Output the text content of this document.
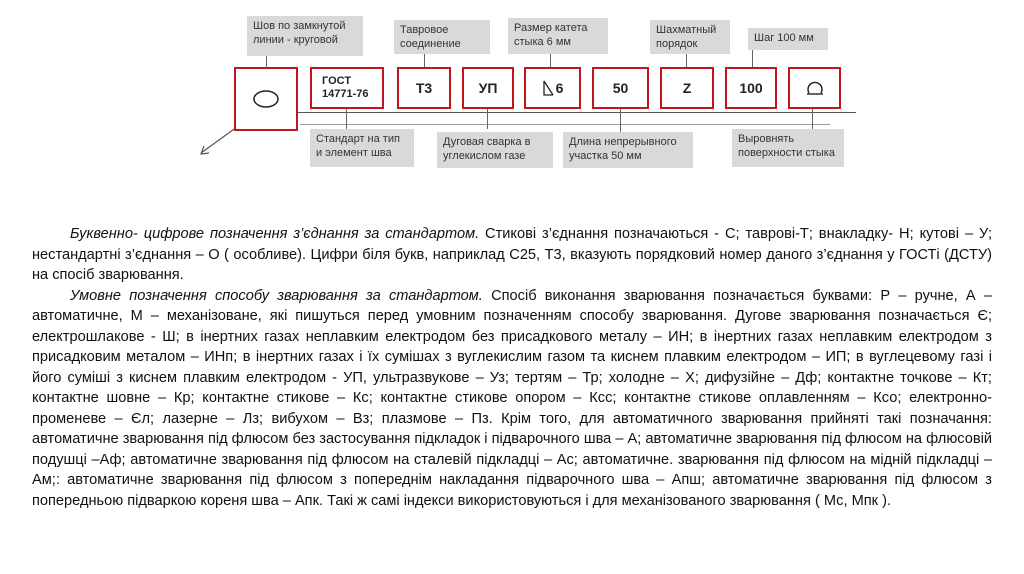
ГОСТ
14771-76	Т3	УП	6	50	Z	100
Шов по замкнутой линии - круговой
Тавровое соединение
Размер катета стыка 6 мм
Шахматный порядок	Шаг 100 мм
Стандарт на тип и элемент шва
Дуговая сварка в углекислом газе
Длина непрерывного участка 50 мм
Выровнять поверхности стыка

Буквенно- цифрове позначення з’єднання за стандартом. Стикові з’єднання позначаються - С; таврові-Т; внакладку- Н; кутові – У; нестандартні з’єднання – О ( особливе). Цифри біля букв, наприклад С25, Т3, вказують порядковий номер даного з’єднання у ГОСТі (ДСТУ) на спосіб зварювання.

Умовне позначення способу зварювання за стандартом. Спосіб виконання зварювання позначається буквами: Р – ручне, А – автоматичне, М – механізоване, які пишуться перед умовним позначенням способу зварювання. Дугове зварювання позначається Є; електрошлакове - Ш; в інертних газах неплавким електродом без присадкового металу – ИН; в інертних газах неплавким електродом з присадковим металом – ИНп; в інертних газах і їх сумішах з вуглекислим газом та киснем плавким електродом – ИП; в вуглецевому газі і його суміші з киснем плавким електродом - УП, ультразвукове – Уз; тертям – Тр; холодне – Х; дифузійне – Дф; контактне точкове – Кт; контактне шовне – Кр; контактне стикове – Кс; контактне стикове опором – Ксс; контактне стикове оплавленням – Ксо; електронно-променеве – Єл; лазерне – Лз; вибухом – Вз; плазмове – Пз. Крім того, для автоматичного зварювання прийняті такі позначання: автоматичне зварювання під флюсом без застосування підкладок і підварочного шва – А; автоматичне зварювання під флюсом на флюсовій подушці –Аф; автоматичне зварювання під флюсом на сталевій підкладці – Ас; автоматичне. зварювання під флюсом на мідній підкладці – Ам;: автоматичне зварювання під флюсом з попереднім накладання підварочного шва – Апш; автоматичне зварювання під флюсом з попередньою підваркою кореня шва – Апк. Такі ж самі індекси використовуються і для механізованого зварювання ( Мс, Мпк ).
